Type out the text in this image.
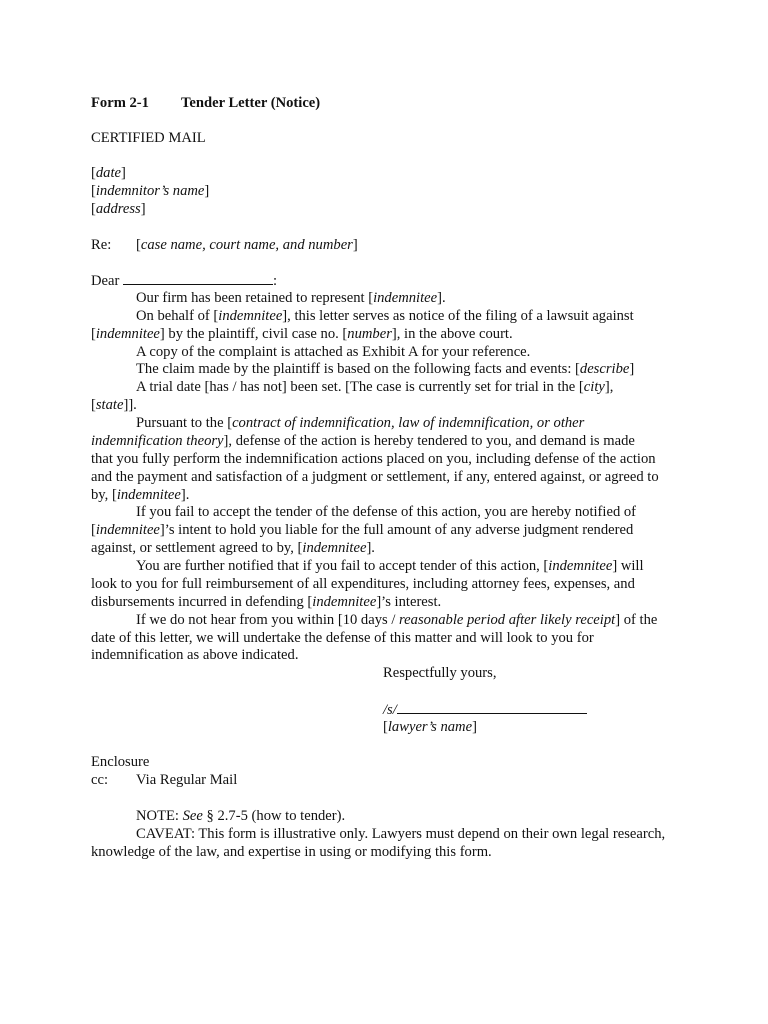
Form 2-1 Tender Letter (Notice)
CERTIFIED MAIL
[date]
[indemnitor’s name]
[address]
Re: [case name, court name, and number]
Dear	:
Our firm has been retained to represent [indemnitee].
On behalf of [indemnitee], this letter serves as notice of the filing of a lawsuit against
[indemnitee] by the plaintiff, civil case no. [number], in the above court.
A copy of the complaint is attached as Exhibit A for your reference.
The claim made by the plaintiff is based on the following facts and events: [describe]
A trial date [has / has not] been set. [The case is currently set for trial in the [city],
[state]].
Pursuant to the [contract of indemnification, law of indemnification, or other
indemnification theory], defense of the action is hereby tendered to you, and demand is made
that you fully perform the indemnification actions placed on you, including defense of the action
and the payment and satisfaction of a judgment or settlement, if any, entered against, or agreed to
by, [indemnitee].
If you fail to accept the tender of the defense of this action, you are hereby notified of
[indemnitee]’s intent to hold you liable for the full amount of any adverse judgment rendered
against, or settlement agreed to by, [indemnitee].
You are further notified that if you fail to accept tender of this action, [indemnitee] will
look to you for full reimbursement of all expenditures, including attorney fees, expenses, and
disbursements incurred in defending [indemnitee]’s interest.
If we do not hear from you within [10 days / reasonable period after likely receipt] of the
date of this letter, we will undertake the defense of this matter and will look to you for
indemnification as above indicated.
Respectfully yours,
/s/
[lawyer’s name]
Enclosure
cc: Via Regular Mail
NOTE: See § 2.7-5 (how to tender).
CAVEAT: This form is illustrative only. Lawyers must depend on their own legal research,
knowledge of the law, and expertise in using or modifying this form.
